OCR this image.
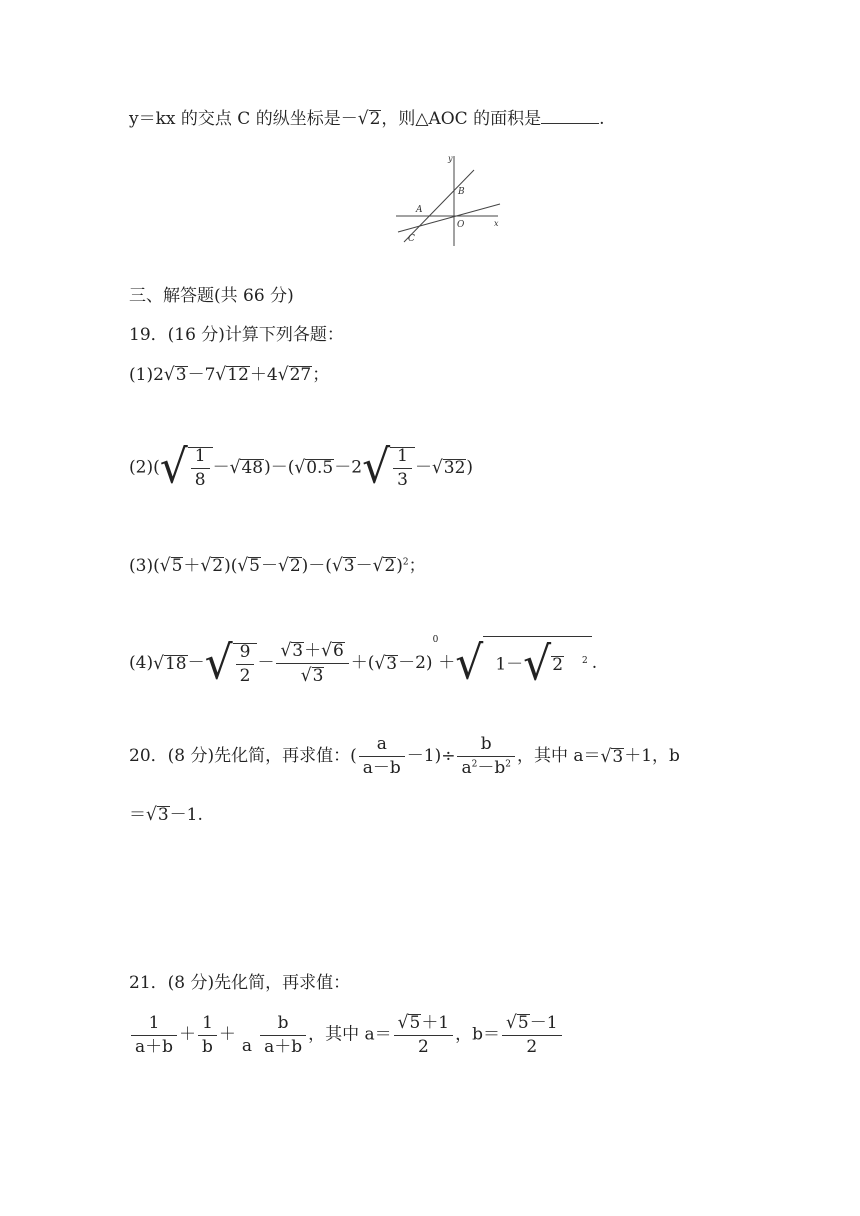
y＝kx 的交点 C 的纵坐标是－√2，则△AOC 的面积是	.
y
x
A
B
O
C
三、解答题(共 66 分)
19．(16 分)计算下列各题：
(1)2√3－7√12＋4√27；
$(2)(√ \frac{1}{8} -√48)-(√0.5-2√ \frac{1}{3} -√32)$
$(3)(√5+√2)(√5-√2)-(√3-√2)^2$；
$(4)√18-√ \frac{9}{2} - \frac{√3+√6}{√3} +(√3-2)^0+√$ 1－√2 $^2$ .
20．(8 分)先化简，再求值：( $\frac{a}{a-b} -1)\div \frac{b}{a^2-b^2}$ ，其中 a＝√3＋1，b
＝√3－1.
21．(8 分)先化简，再求值：
$\frac{1}{a+b} + \frac{1}{b}$ ＋

a $\frac{b}{a+b}$ ，其中 $a= \frac{√5+1}{2}$ ，$b= \frac{√5-1}{2}$
